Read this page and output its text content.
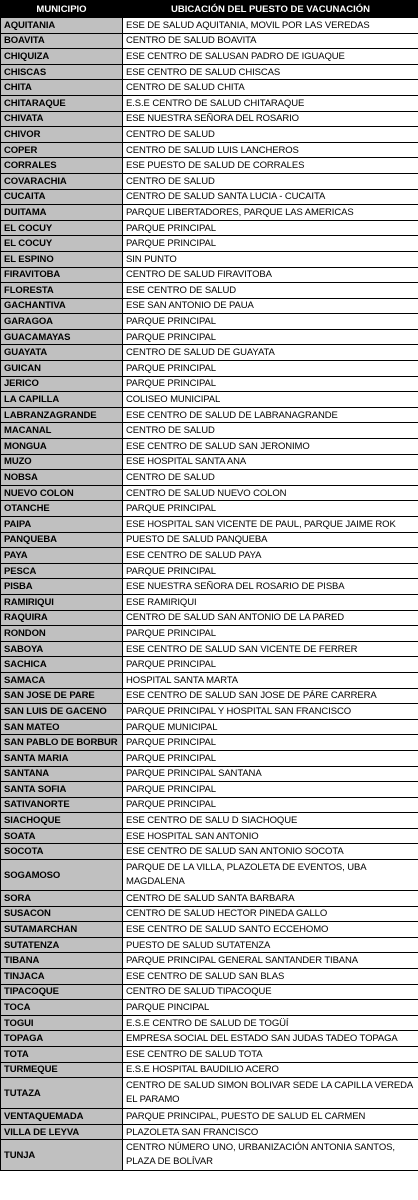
MUNICIPIO	UBICACIÓN DEL PUESTO DE VACUNACIÓN
AQUITANIA	ESE DE SALUD AQUITANIA, MOVIL POR LAS VEREDAS
BOAVITA	CENTRO DE SALUD BOAVITA
CHIQUIZA	ESE CENTRO DE SALUSAN PADRO DE IGUAQUE
CHISCAS	ESE CENTRO DE SALUD CHISCAS
CHITA	CENTRO DE SALUD CHITA
CHITARAQUE	E.S.E CENTRO DE SALUD CHITARAQUE
CHIVATA	ESE NUESTRA SEÑORA DEL ROSARIO
CHIVOR	CENTRO DE SALUD
COPER	CENTRO DE SALUD LUIS LANCHEROS
CORRALES	ESE PUESTO DE SALUD DE CORRALES
COVARACHIA	CENTRO DE SALUD
CUCAITA	CENTRO DE SALUD SANTA LUCIA - CUCAITA
DUITAMA	PARQUE LIBERTADORES, PARQUE LAS AMERICAS
EL COCUY	PARQUE PRINCIPAL
EL COCUY	PARQUE PRINCIPAL
EL ESPINO	SIN PUNTO
FIRAVITOBA	CENTRO DE SALUD FIRAVITOBA
FLORESTA	ESE CENTRO DE SALUD
GACHANTIVA	ESE SAN ANTONIO DE PAUA
GARAGOA	PARQUE PRINCIPAL
GUACAMAYAS	PARQUE PRINCIPAL
GUAYATA	CENTRO DE SALUD DE GUAYATA
GUICAN	PARQUE PRINCIPAL
JERICO	PARQUE PRINCIPAL
LA CAPILLA	COLISEO MUNICIPAL
LABRANZAGRANDE	ESE CENTRO DE SALUD DE LABRANAGRANDE
MACANAL	CENTRO DE SALUD
MONGUA	ESE CENTRO DE SALUD SAN JERONIMO
MUZO	ESE HOSPITAL SANTA ANA
NOBSA	CENTRO DE SALUD
NUEVO COLON	CENTRO DE SALUD NUEVO COLON
OTANCHE	PARQUE PRINCIPAL
PAIPA	ESE HOSPITAL SAN VICENTE DE PAUL, PARQUE JAIME ROK
PANQUEBA	PUESTO DE SALUD PANQUEBA
PAYA	ESE CENTRO DE SALUD PAYA
PESCA	PARQUE PRINCIPAL
PISBA	ESE NUESTRA SEÑORA DEL ROSARIO DE PISBA
RAMIRIQUI	ESE RAMIRIQUI
RAQUIRA	CENTRO DE SALUD SAN ANTONIO DE LA PARED
RONDON	PARQUE PRINCIPAL
SABOYA	ESE CENTRO DE SALUD SAN VICENTE DE FERRER
SACHICA	PARQUE PRINCIPAL
SAMACA	HOSPITAL SANTA MARTA
SAN JOSE DE PARE	ESE CENTRO DE SALUD SAN JOSE DE PÁRE CARRERA
SAN LUIS DE GACENO	PARQUE PRINCIPAL Y HOSPITAL SAN FRANCISCO
SAN MATEO	PARQUE MUNICIPAL
SAN PABLO DE BORBUR	PARQUE PRINCIPAL
SANTA MARIA	PARQUE PRINCIPAL
SANTANA	PARQUE PRINCIPAL SANTANA
SANTA SOFIA	PARQUE PRINCIPAL
SATIVANORTE	PARQUE PRINCIPAL
SIACHOQUE	ESE CENTRO DE SALU D SIACHOQUE
SOATA	ESE HOSPITAL SAN ANTONIO
SOCOTA	ESE CENTRO DE SALUD SAN ANTONIO SOCOTA
SOGAMOSO	PARQUE DE LA VILLA, PLAZOLETA DE EVENTOS, UBA MAGDALENA
SORA	CENTRO DE SALUD SANTA BARBARA
SUSACON	CENTRO DE SALUD HECTOR PINEDA GALLO
SUTAMARCHAN	ESE CENTRO DE SALUD SANTO ECCEHOMO
SUTATENZA	PUESTO DE SALUD SUTATENZA
TIBANA	PARQUE PRINCIPAL GENERAL SANTANDER TIBANA
TINJACA	ESE CENTRO DE SALUD SAN BLAS
TIPACOQUE	CENTRO DE SALUD TIPACOQUE
TOCA	PARQUE PINCIPAL
TOGUI	E.S.E CENTRO DE SALUD DE TOGÜÍ
TOPAGA	EMPRESA SOCIAL DEL ESTADO SAN JUDAS TADEO TOPAGA
TOTA	ESE CENTRO DE SALUD TOTA
TURMEQUE	E.S.E HOSPITAL BAUDILIO ACERO
TUTAZA	CENTRO DE SALUD SIMON BOLIVAR SEDE LA CAPILLA VEREDA EL PARAMO
VENTAQUEMADA	PARQUE PRINCIPAL, PUESTO DE SALUD EL CARMEN
VILLA DE LEYVA	PLAZOLETA SAN FRANCISCO
TUNJA	CENTRO NÚMERO UNO, URBANIZACIÓN ANTONIA SANTOS, PLAZA DE BOLÍVAR
